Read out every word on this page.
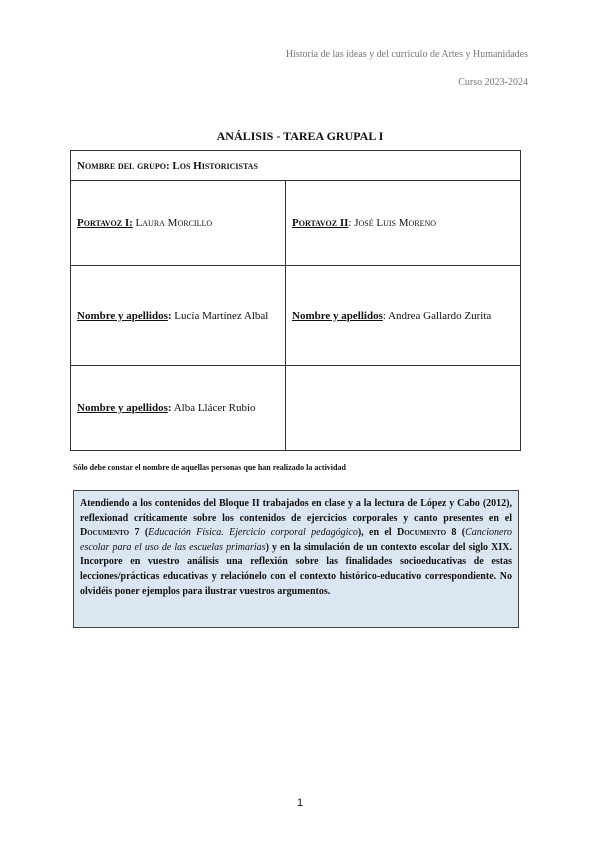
Historia de las ideas y del currículo de Artes y Humanidades
Curso 2023-2024
ANÁLISIS - TAREA GRUPAL I
Nombre del grupo: Los Historicistas	
Portavoz I: Laura Morcillo	Portavoz II: José Luis Moreno
Nombre y apellidos: Lucía Martínez Albal	Nombre y apellidos: Andrea Gallardo Zurita
Nombre y apellidos: Alba Llácer Rubio	
Sólo debe constar el nombre de aquellas personas que han realizado la actividad
Atendiendo a los contenidos del Bloque II trabajados en clase y a la lectura de López y Cabo (2012), reflexionad críticamente sobre los contenidos de ejercicios corporales y canto presentes en el Documento 7 (Educación Física. Ejercicio corporal pedagógico), en el Documento 8 (Cancionero escolar para el uso de las escuelas primarias) y en la simulación de un contexto escolar del siglo XIX. Incorpore en vuestro análisis una reflexión sobre las finalidades socioeducativas de estas lecciones/prácticas educativas y relaciónelo con el contexto histórico-educativo correspondiente. No olvidéis poner ejemplos para ilustrar vuestros argumentos.
1
